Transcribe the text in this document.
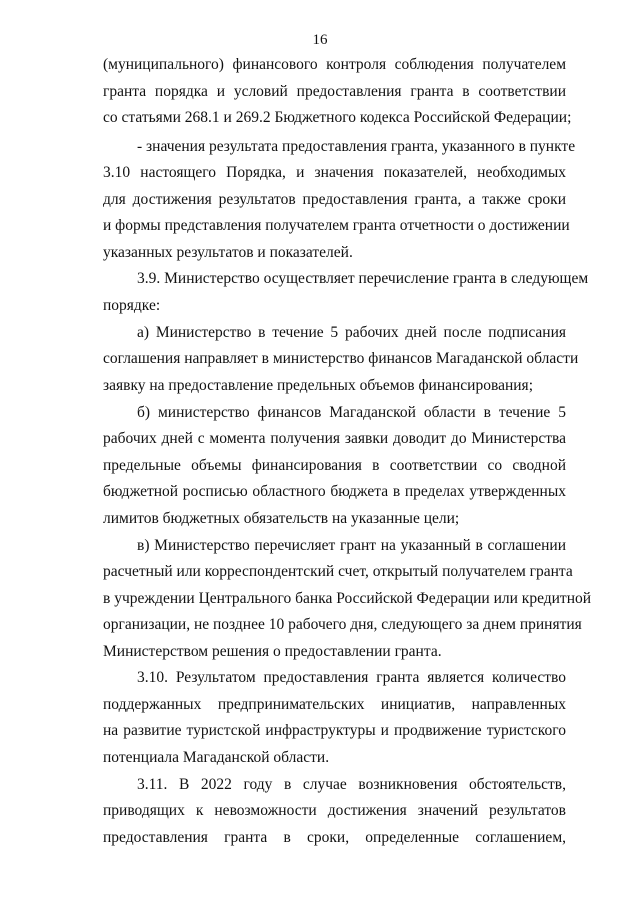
16
(муниципального) финансового контроля соблюдения получателем
гранта порядка и условий предоставления гранта в соответствии
со статьями 268.1 и 269.2 Бюджетного кодекса Российской Федерации;
- значения результата предоставления гранта, указанного в пункте
3.10 настоящего Порядка, и значения показателей, необходимых
для достижения результатов предоставления гранта, а также сроки
и формы представления получателем гранта отчетности о достижении
указанных результатов и показателей.
3.9. Министерство осуществляет перечисление гранта в следующем
порядке:
а) Министерство в течение 5 рабочих дней после подписания
соглашения направляет в министерство финансов Магаданской области
заявку на предоставление предельных объемов финансирования;
б) министерство финансов Магаданской области в течение 5
рабочих дней с момента получения заявки доводит до Министерства
предельные объемы финансирования в соответствии со сводной
бюджетной росписью областного бюджета в пределах утвержденных
лимитов бюджетных обязательств на указанные цели;
в) Министерство перечисляет грант на указанный в соглашении
расчетный или корреспондентский счет, открытый получателем гранта
в учреждении Центрального банка Российской Федерации или кредитной
организации, не позднее 10 рабочего дня, следующего за днем принятия
Министерством решения о предоставлении гранта.
3.10. Результатом предоставления гранта является количество
поддержанных предпринимательских инициатив, направленных
на развитие туристской инфраструктуры и продвижение туристского
потенциала Магаданской области.
3.11. В 2022 году в случае возникновения обстоятельств,
приводящих к невозможности достижения значений результатов
предоставления гранта в сроки, определенные соглашением,
